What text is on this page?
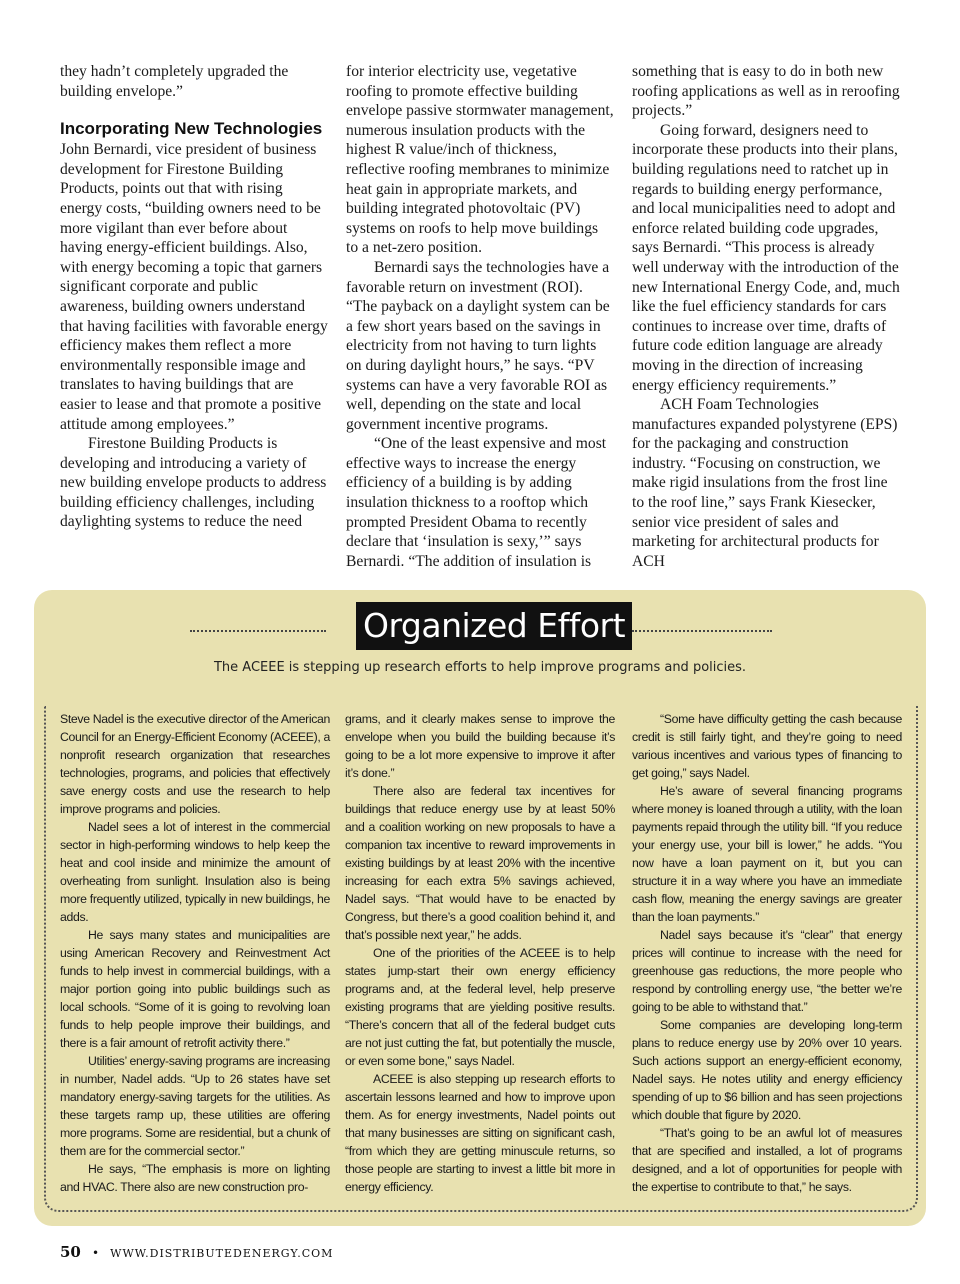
they hadn’t completely upgraded the building envelope.”

Incorporating New Technologies

John Bernardi, vice president of business development for Firestone Building Products, points out that with rising energy costs, “building owners need to be more vigilant than ever before about having energy-efficient buildings. Also, with energy becoming a topic that garners significant corporate and public awareness, building owners understand that having facilities with favorable energy efficiency makes them reflect a more environmentally responsible image and translates to having buildings that are easier to lease and that promote a positive attitude among employees.”

Firestone Building Products is developing and introducing a variety of new building envelope products to address building efficiency challenges, including daylighting systems to reduce the need

for interior electricity use, vegetative roofing to promote effective building envelope passive stormwater management, numerous insulation products with the highest R value/inch of thickness, reflective roofing membranes to minimize heat gain in appropriate markets, and building integrated photovoltaic (PV) systems on roofs to help move buildings to a net-zero position.

Bernardi says the technologies have a favorable return on investment (ROI). “The payback on a daylight system can be a few short years based on the savings in electricity from not having to turn lights on during daylight hours,” he says. “PV systems can have a very favorable ROI as well, depending on the state and local government incentive programs.

“One of the least expensive and most effective ways to increase the energy efficiency of a building is by adding insulation thickness to a rooftop which prompted President Obama to recently declare that ‘insulation is sexy,’” says Bernardi. “The addition of insulation is

something that is easy to do in both new roofing applications as well as in reroofing projects.”

Going forward, designers need to incorporate these products into their plans, building regulations need to ratchet up in regards to building energy performance, and local municipalities need to adopt and enforce related building code upgrades, says Bernardi. “This process is already well underway with the introduction of the new International Energy Code, and, much like the fuel efficiency standards for cars continues to increase over time, drafts of future code edition language are already moving in the direction of increasing energy efficiency requirements.”

ACH Foam Technologies manufactures expanded polystyrene (EPS) for the packaging and construction industry. “Focusing on construction, we make rigid insulations from the frost line to the roof line,” says Frank Kiesecker, senior vice president of sales and marketing for architectural products for ACH

Organized Effort
The ACEEE is stepping up research efforts to help improve programs and policies.

Steve Nadel is the executive director of the American Council for an Energy-Efficient Economy (ACEEE), a nonprofit research organization that researches technologies, programs, and policies that effectively save energy costs and use the research to help improve programs and policies.

Nadel sees a lot of interest in the commercial sector in high-performing windows to help keep the heat and cool inside and minimize the amount of overheating from sunlight. Insulation also is being more frequently utilized, typically in new buildings, he adds.

He says many states and municipalities are using American Recovery and Reinvestment Act funds to help invest in commercial buildings, with a major portion going into public buildings such as local schools. “Some of it is going to revolving loan funds to help people improve their buildings, and there is a fair amount of retrofit activity there.”

Utilities’ energy-saving programs are increasing in number, Nadel adds. “Up to 26 states have set mandatory energy-saving targets for the utilities. As these targets ramp up, these utilities are offering more programs. Some are residential, but a chunk of them are for the commercial sector.”

He says, “The emphasis is more on lighting and HVAC. There also are new construction pro-

grams, and it clearly makes sense to improve the envelope when you build the building because it’s going to be a lot more expensive to improve it after it’s done.”

There also are federal tax incentives for buildings that reduce energy use by at least 50% and a coalition working on new proposals to have a companion tax incentive to reward improvements in existing buildings by at least 20% with the incentive increasing for each extra 5% savings achieved, Nadel says. “That would have to be enacted by Congress, but there’s a good coalition behind it, and that’s possible next year,” he adds.

One of the priorities of the ACEEE is to help states jump-start their own energy efficiency programs and, at the federal level, help preserve existing programs that are yielding positive results. “There’s concern that all of the federal budget cuts are not just cutting the fat, but potentially the muscle, or even some bone,” says Nadel.

ACEEE is also stepping up research efforts to ascertain lessons learned and how to improve upon them. As for energy investments, Nadel points out that many businesses are sitting on significant cash, “from which they are getting minuscule returns, so those people are starting to invest a little bit more in energy efficiency.

“Some have difficulty getting the cash because credit is still fairly tight, and they’re going to need various incentives and various types of financing to get going,” says Nadel.

He’s aware of several financing programs where money is loaned through a utility, with the loan payments repaid through the utility bill. “If you reduce your energy use, your bill is lower,” he adds. “You now have a loan payment on it, but you can structure it in a way where you have an immediate cash flow, meaning the energy savings are greater than the loan payments.”

Nadel says because it’s “clear” that energy prices will continue to increase with the need for greenhouse gas reductions, the more people who respond by controlling energy use, “the better we’re going to be able to withstand that.”

Some companies are developing long-term plans to reduce energy use by 20% over 10 years. Such actions support an energy-efficient economy, Nadel says. He notes utility and energy efficiency spending of up to $6 billion and has seen projections which double that figure by 2020.

“That’s going to be an awful lot of measures that are specified and installed, a lot of programs designed, and a lot of opportunities for people with the expertise to contribute to that,” he says.

50 • WWW.DISTRIBUTEDENERGY.COM
